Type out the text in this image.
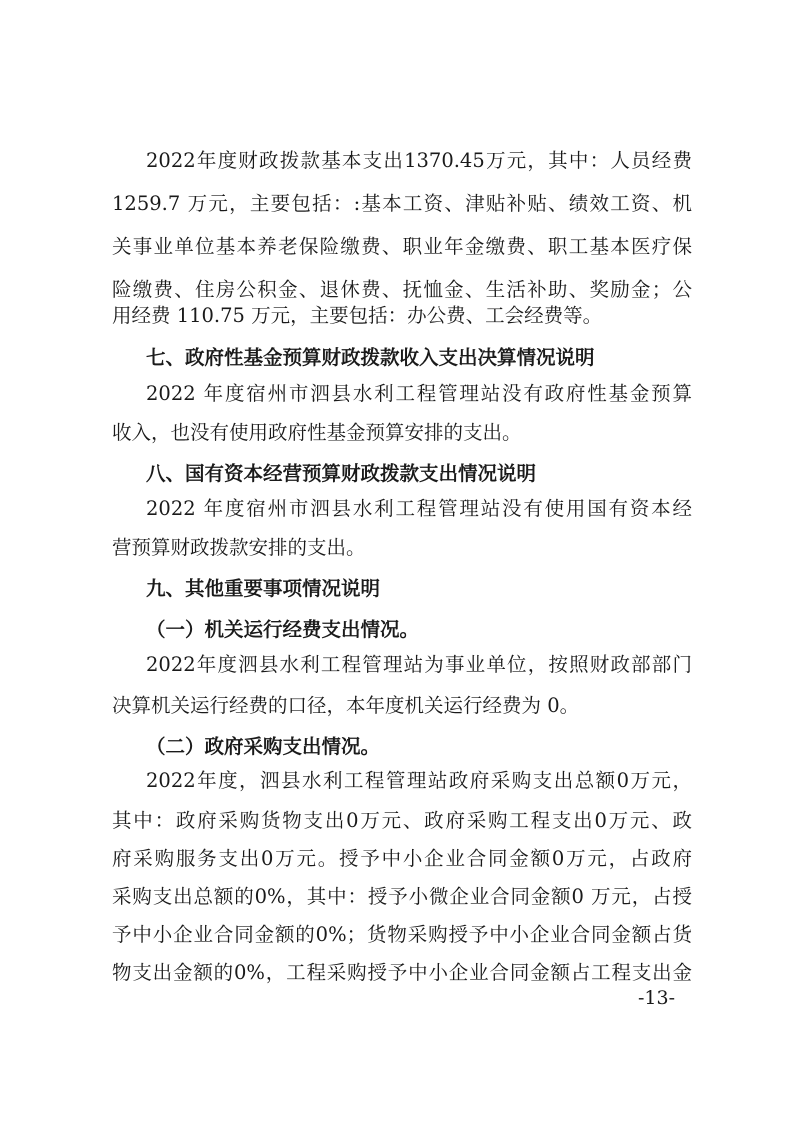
2022年度财政拨款基本支出1370.45万元，其中：人员经费
1259.7 万元，主要包括：:基本工资、津贴补贴、绩效工资、机
关事业单位基本养老保险缴费、职业年金缴费、职工基本医疗保
险缴费、住房公积金、退休费、抚恤金、生活补助、奖励金；公
用经费 110.75 万元，主要包括：办公费、工会经费等。
七、政府性基金预算财政拨款收入支出决算情况说明
2022 年度宿州市泗县水利工程管理站没有政府性基金预算
收入，也没有使用政府性基金预算安排的支出。
八、国有资本经营预算财政拨款支出情况说明
2022 年度宿州市泗县水利工程管理站没有使用国有资本经
营预算财政拨款安排的支出。
九、其他重要事项情况说明
（一）机关运行经费支出情况。
2022年度泗县水利工程管理站为事业单位，按照财政部部门
决算机关运行经费的口径，本年度机关运行经费为 0。
（二）政府采购支出情况。
2022年度，泗县水利工程管理站政府采购支出总额0万元，
其中：政府采购货物支出0万元、政府采购工程支出0万元、政
府采购服务支出0万元。授予中小企业合同金额0万元，占政府
采购支出总额的0%，其中：授予小微企业合同金额0 万元，占授
予中小企业合同金额的0%；货物采购授予中小企业合同金额占货
物支出金额的0%，工程采购授予中小企业合同金额占工程支出金
-13-
